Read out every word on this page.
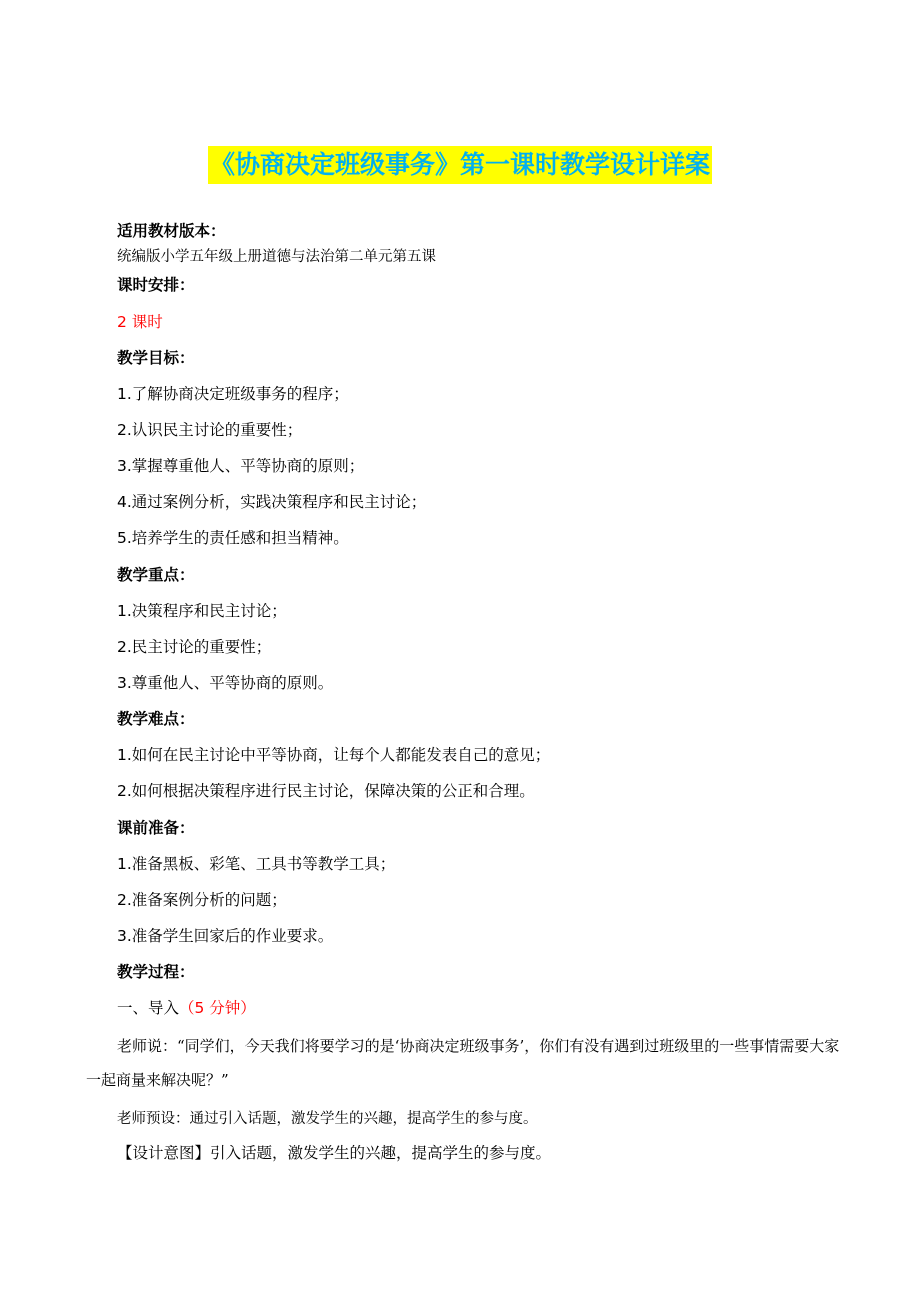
《协商决定班级事务》第一课时教学设计详案
适用教材版本：
统编版小学五年级上册道德与法治第二单元第五课
课时安排：
2 课时
教学目标：
1.了解协商决定班级事务的程序；
2.认识民主讨论的重要性；
3.掌握尊重他人、平等协商的原则；
4.通过案例分析，实践决策程序和民主讨论；
5.培养学生的责任感和担当精神。
教学重点：
1.决策程序和民主讨论；
2.民主讨论的重要性；
3.尊重他人、平等协商的原则。
教学难点：
1.如何在民主讨论中平等协商，让每个人都能发表自己的意见；
2.如何根据决策程序进行民主讨论，保障决策的公正和合理。
课前准备：
1.准备黑板、彩笔、工具书等教学工具；
2.准备案例分析的问题；
3.准备学生回家后的作业要求。
教学过程：
一、导入（5 分钟）
老师说：“同学们，今天我们将要学习的是‘协商决定班级事务’，你们有没有遇到过班级里的一些事情需要大家一起商量来解决呢？”
老师预设：通过引入话题，激发学生的兴趣，提高学生的参与度。
【设计意图】引入话题，激发学生的兴趣，提高学生的参与度。
